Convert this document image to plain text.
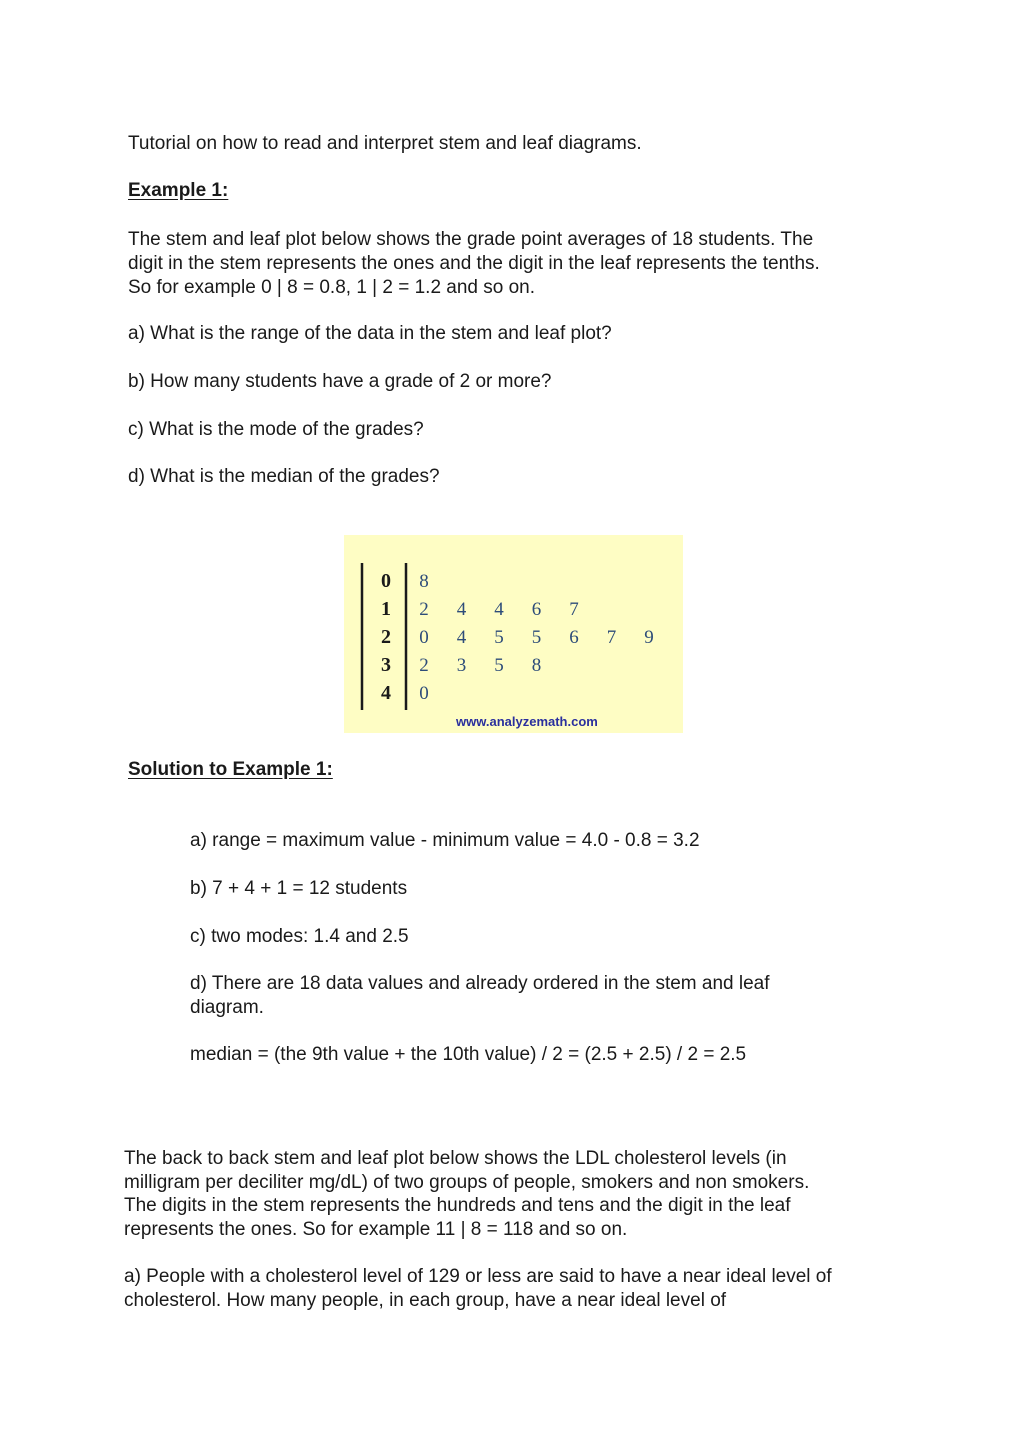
Tutorial on how to read and interpret stem and leaf diagrams.

Example 1:

The stem and leaf plot below shows the grade point averages of 18 students. The

digit in the stem represents the ones and the digit in the leaf represents the tenths.

So for example 0 | 8 = 0.8, 1 | 2 = 1.2 and so on.

a) What is the range of the data in the stem and leaf plot?

b) How many students have a grade of 2 or more?

c) What is the mode of the grades?

d) What is the median of the grades?

0
1
2
3
4
8
2 4 4 6 7
0 4 5 5 6 7 9
2 3 5 8
0
www.analyzemath.com

Solution to Example 1:

a) range = maximum value - minimum value = 4.0 - 0.8 = 3.2

b) 7 + 4 + 1 = 12 students

c) two modes: 1.4 and 2.5

d) There are 18 data values and already ordered in the stem and leaf

diagram.

median = (the 9th value + the 10th value) / 2 = (2.5 + 2.5) / 2 = 2.5

The back to back stem and leaf plot below shows the LDL cholesterol levels (in

milligram per deciliter mg/dL) of two groups of people, smokers and non smokers.

The digits in the stem represents the hundreds and tens and the digit in the leaf

represents the ones. So for example 11 | 8 = 118 and so on.

a) People with a cholesterol level of 129 or less are said to have a near ideal level of

cholesterol. How many people, in each group, have a near ideal level of
